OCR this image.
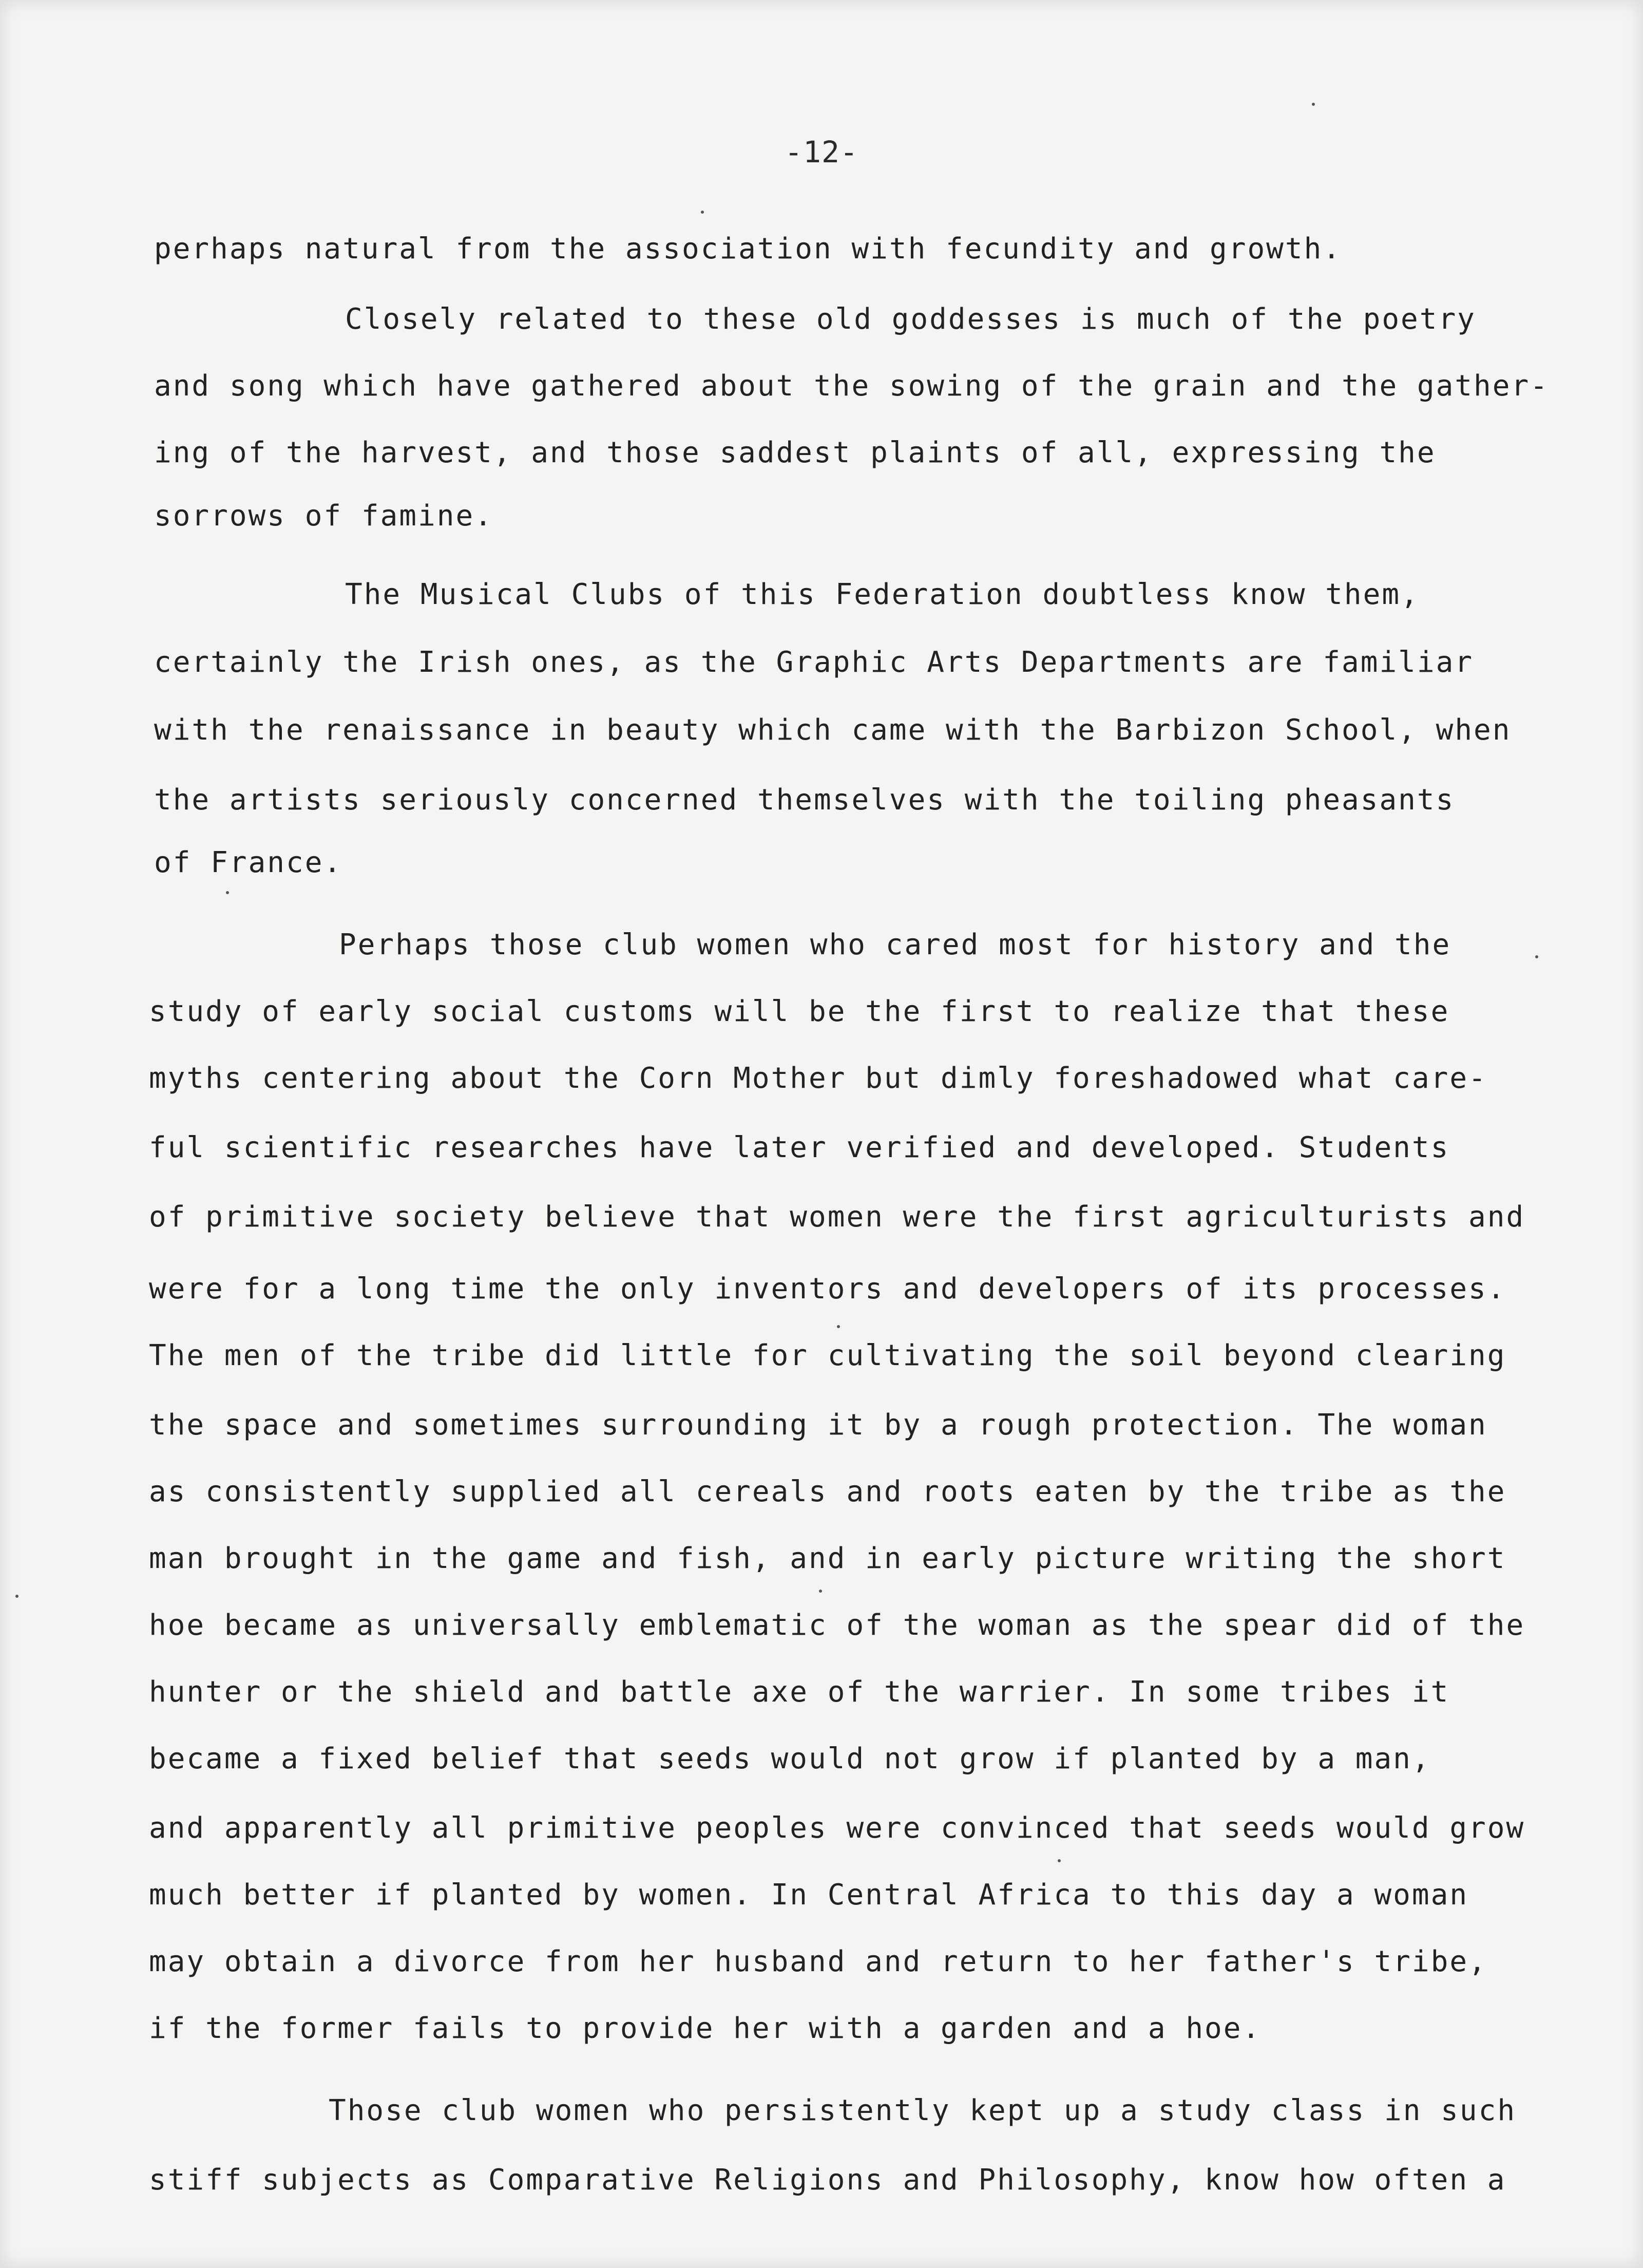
-12-

perhaps natural from the association with fecundity and growth.

Closely related to these old goddesses is much of the poetry

and song which have gathered about the sowing of the grain and the gather-

ing of the harvest, and those saddest plaints of all, expressing the

sorrows of famine.

The Musical Clubs of this Federation doubtless know them,

certainly the Irish ones, as the Graphic Arts Departments are familiar

with the renaissance in beauty which came with the Barbizon School, when

the artists seriously concerned themselves with the toiling pheasants

of France.

Perhaps those club women who cared most for history and the

study of early social customs will be the first to realize that these

myths centering about the Corn Mother but dimly foreshadowed what care-

ful scientific researches have later verified and developed. Students

of primitive society believe that women were the first agriculturists and

were for a long time the only inventors and developers of its processes.

The men of the tribe did little for cultivating the soil beyond clearing

the space and sometimes surrounding it by a rough protection. The woman

as consistently supplied all cereals and roots eaten by the tribe as the

man brought in the game and fish, and in early picture writing the short

hoe became as universally emblematic of the woman as the spear did of the

hunter or the shield and battle axe of the warrier. In some tribes it

became a fixed belief that seeds would not grow if planted by a man,

and apparently all primitive peoples were convinced that seeds would grow

much better if planted by women. In Central Africa to this day a woman

may obtain a divorce from her husband and return to her father's tribe,

if the former fails to provide her with a garden and a hoe.

Those club women who persistently kept up a study class in such

stiff subjects as Comparative Religions and Philosophy, know how often a
